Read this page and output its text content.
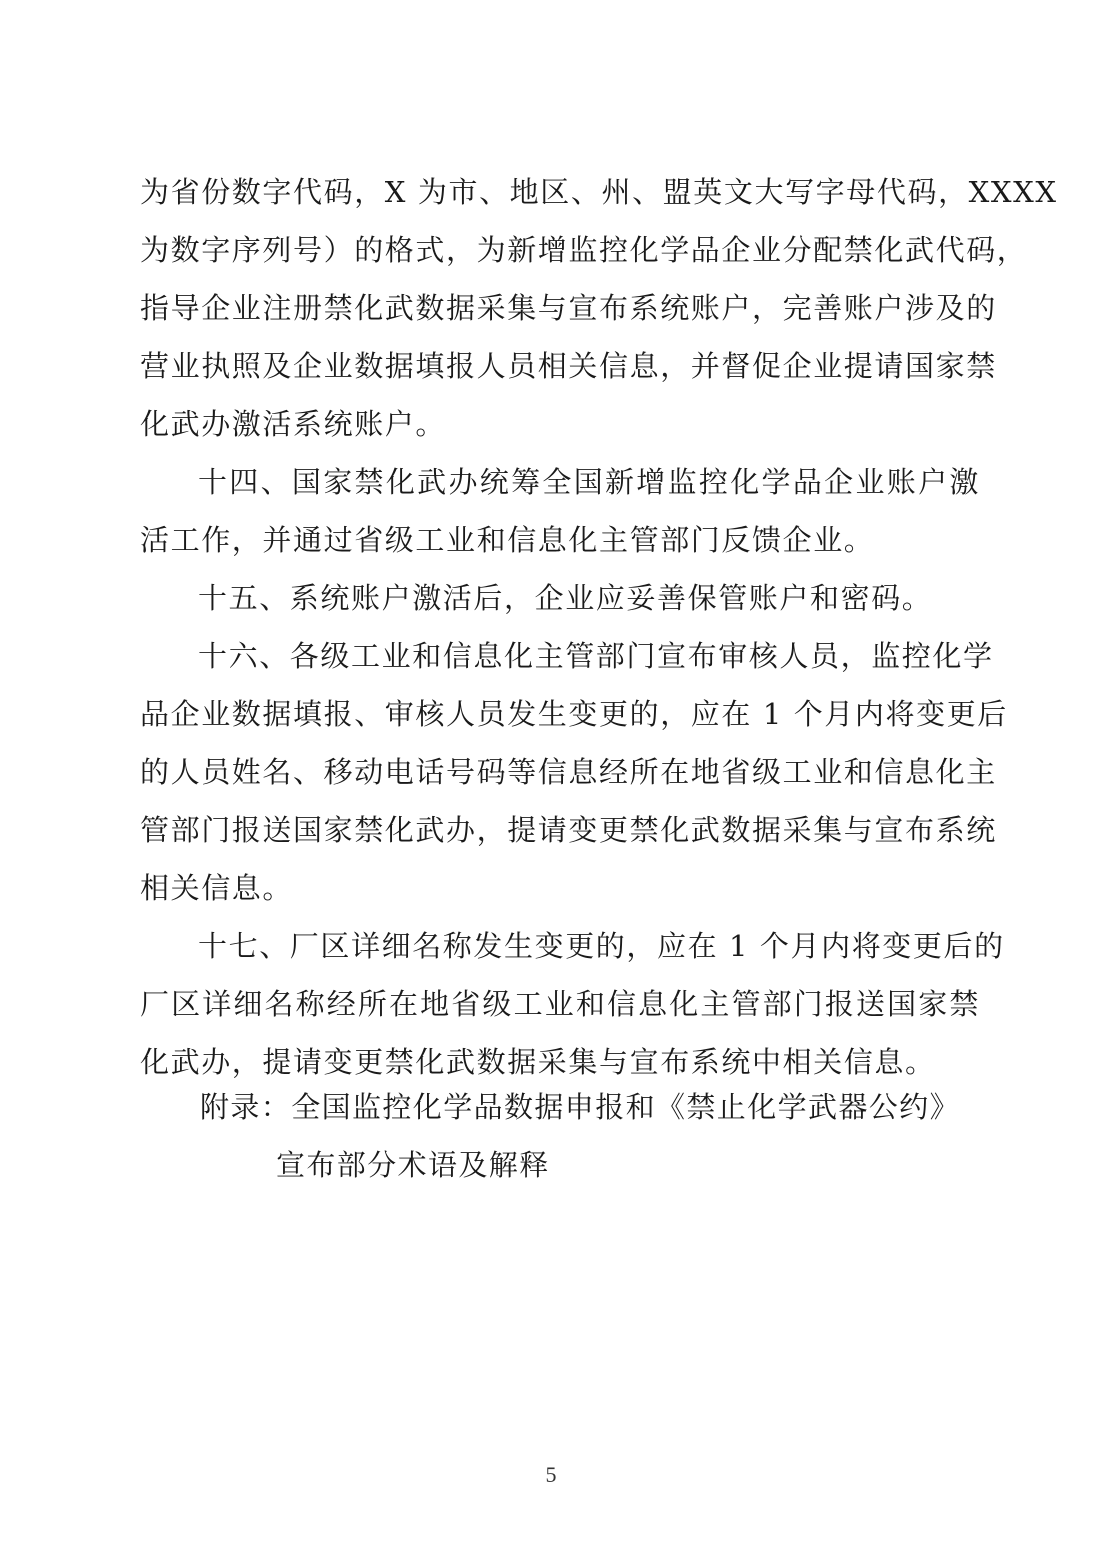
为省份数字代码，X 为市、地区、州、盟英文大写字母代码，XXXX
为数字序列号）的格式，为新增监控化学品企业分配禁化武代码，
指导企业注册禁化武数据采集与宣布系统账户，完善账户涉及的
营业执照及企业数据填报人员相关信息，并督促企业提请国家禁
化武办激活系统账户。
十四、国家禁化武办统筹全国新增监控化学品企业账户激
活工作，并通过省级工业和信息化主管部门反馈企业。
十五、系统账户激活后，企业应妥善保管账户和密码。
十六、各级工业和信息化主管部门宣布审核人员，监控化学
品企业数据填报、审核人员发生变更的，应在 1 个月内将变更后
的人员姓名、移动电话号码等信息经所在地省级工业和信息化主
管部门报送国家禁化武办，提请变更禁化武数据采集与宣布系统
相关信息。
十七、厂区详细名称发生变更的，应在 1 个月内将变更后的
厂区详细名称经所在地省级工业和信息化主管部门报送国家禁
化武办，提请变更禁化武数据采集与宣布系统中相关信息。
附录：全国监控化学品数据申报和《禁止化学武器公约》
宣布部分术语及解释
5
